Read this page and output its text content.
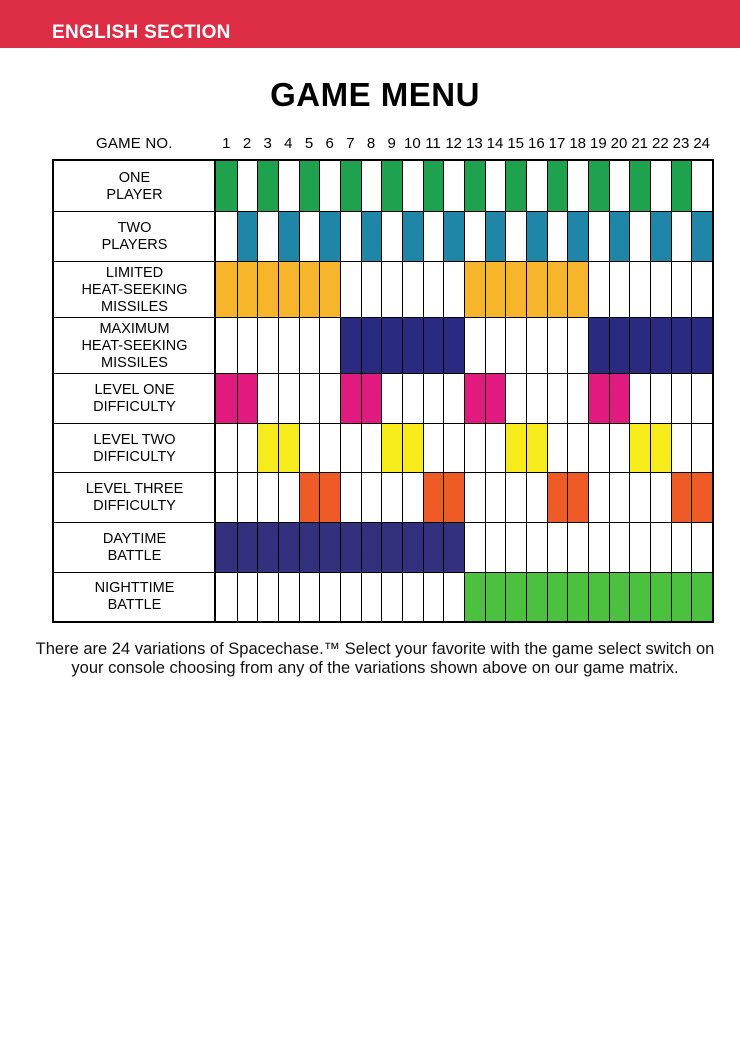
ENGLISH SECTION
GAME MENU
GAME NO.	1 2 3 4 5 6 7 8 9 10 11 12 13 14 15 16 17 18 19 20 21 22 23 24
ONE
PLAYER
TWO
PLAYERS
LIMITED
HEAT-SEEKING
MISSILES
MAXIMUM
HEAT-SEEKING
MISSILES
LEVEL ONE
DIFFICULTY
LEVEL TWO
DIFFICULTY
LEVEL THREE
DIFFICULTY
DAYTIME
BATTLE
NIGHTTIME
BATTLE
There are 24 variations of Spacechase.™ Select your favorite with the game select switch on your console choosing from any of the variations shown above on our game matrix.
